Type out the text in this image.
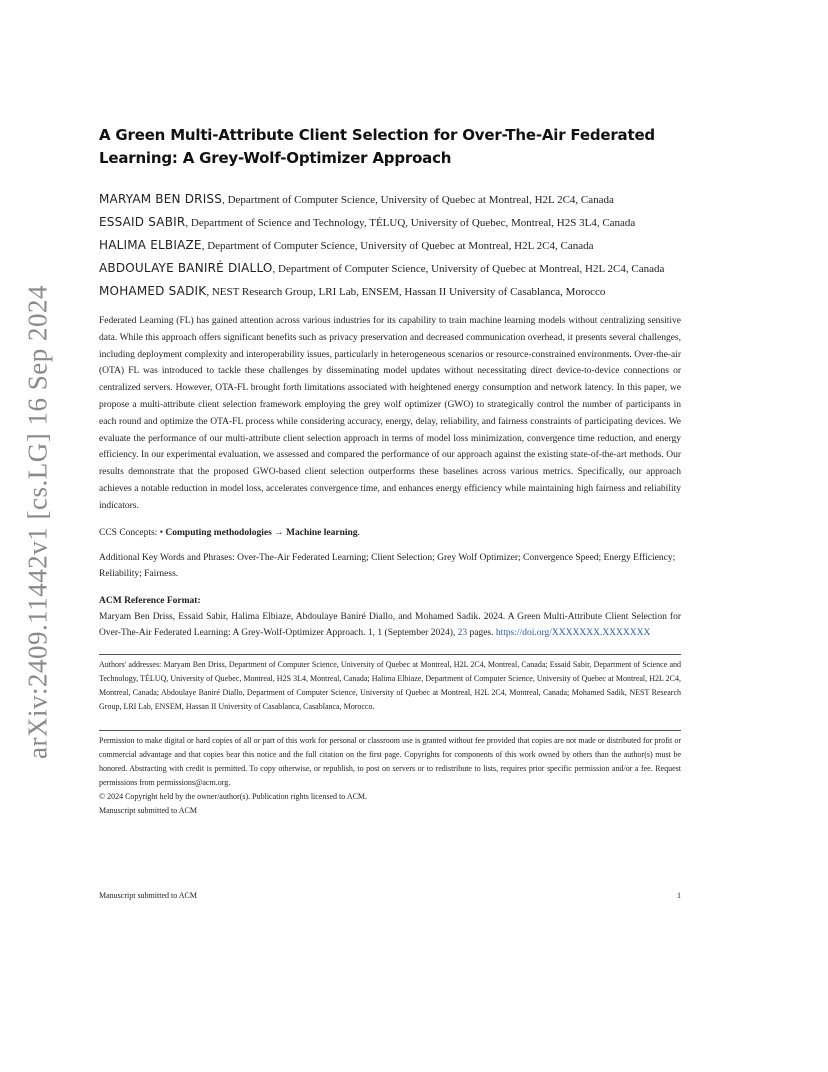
arXiv:2409.11442v1 [cs.LG] 16 Sep 2024
A Green Multi-Attribute Client Selection for Over-The-Air Federated Learning: A Grey-Wolf-Optimizer Approach
MARYAM BEN DRISS, Department of Computer Science, University of Quebec at Montreal, H2L 2C4, Canada
ESSAID SABIR, Department of Science and Technology, TÉLUQ, University of Quebec, Montreal, H2S 3L4, Canada
HALIMA ELBIAZE, Department of Computer Science, University of Quebec at Montreal, H2L 2C4, Canada
ABDOULAYE BANIRÉ DIALLO, Department of Computer Science, University of Quebec at Montreal, H2L 2C4, Canada
MOHAMED SADIK, NEST Research Group, LRI Lab, ENSEM, Hassan II University of Casablanca, Morocco
Federated Learning (FL) has gained attention across various industries for its capability to train machine learning models without centralizing sensitive data. While this approach offers significant benefits such as privacy preservation and decreased communication overhead, it presents several challenges, including deployment complexity and interoperability issues, particularly in heterogeneous scenarios or resource-constrained environments. Over-the-air (OTA) FL was introduced to tackle these challenges by disseminating model updates without necessitating direct device-to-device connections or centralized servers. However, OTA-FL brought forth limitations associated with heightened energy consumption and network latency. In this paper, we propose a multi-attribute client selection framework employing the grey wolf optimizer (GWO) to strategically control the number of participants in each round and optimize the OTA-FL process while considering accuracy, energy, delay, reliability, and fairness constraints of participating devices. We evaluate the performance of our multi-attribute client selection approach in terms of model loss minimization, convergence time reduction, and energy efficiency. In our experimental evaluation, we assessed and compared the performance of our approach against the existing state-of-the-art methods. Our results demonstrate that the proposed GWO-based client selection outperforms these baselines across various metrics. Specifically, our approach achieves a notable reduction in model loss, accelerates convergence time, and enhances energy efficiency while maintaining high fairness and reliability indicators.
CCS Concepts: • Computing methodologies → Machine learning.
Additional Key Words and Phrases: Over-The-Air Federated Learning; Client Selection; Grey Wolf Optimizer; Convergence Speed; Energy Efficiency; Reliability; Fairness.
ACM Reference Format:
Maryam Ben Driss, Essaid Sabir, Halima Elbiaze, Abdoulaye Baniré Diallo, and Mohamed Sadik. 2024. A Green Multi-Attribute Client Selection for Over-The-Air Federated Learning: A Grey-Wolf-Optimizer Approach. 1, 1 (September 2024), 23 pages. https://doi.org/XXXXXXX.XXXXXXX
Authors' addresses: Maryam Ben Driss, Department of Computer Science, University of Quebec at Montreal, H2L 2C4, Montreal, Canada; Essaid Sabir, Department of Science and Technology, TÉLUQ, University of Quebec, Montreal, H2S 3L4, Montreal, Canada; Halima Elbiaze, Department of Computer Science, University of Quebec at Montreal, H2L 2C4, Montreal, Canada; Abdoulaye Baniré Diallo, Department of Computer Science, University of Quebec at Montreal, H2L 2C4, Montreal, Canada; Mohamed Sadik, NEST Research Group, LRI Lab, ENSEM, Hassan II University of Casablanca, Casablanca, Morocco.
Permission to make digital or hard copies of all or part of this work for personal or classroom use is granted without fee provided that copies are not made or distributed for profit or commercial advantage and that copies bear this notice and the full citation on the first page. Copyrights for components of this work owned by others than the author(s) must be honored. Abstracting with credit is permitted. To copy otherwise, or republish, to post on servers or to redistribute to lists, requires prior specific permission and/or a fee. Request permissions from permissions@acm.org.
© 2024 Copyright held by the owner/author(s). Publication rights licensed to ACM.
Manuscript submitted to ACM
Manuscript submitted to ACM	1
